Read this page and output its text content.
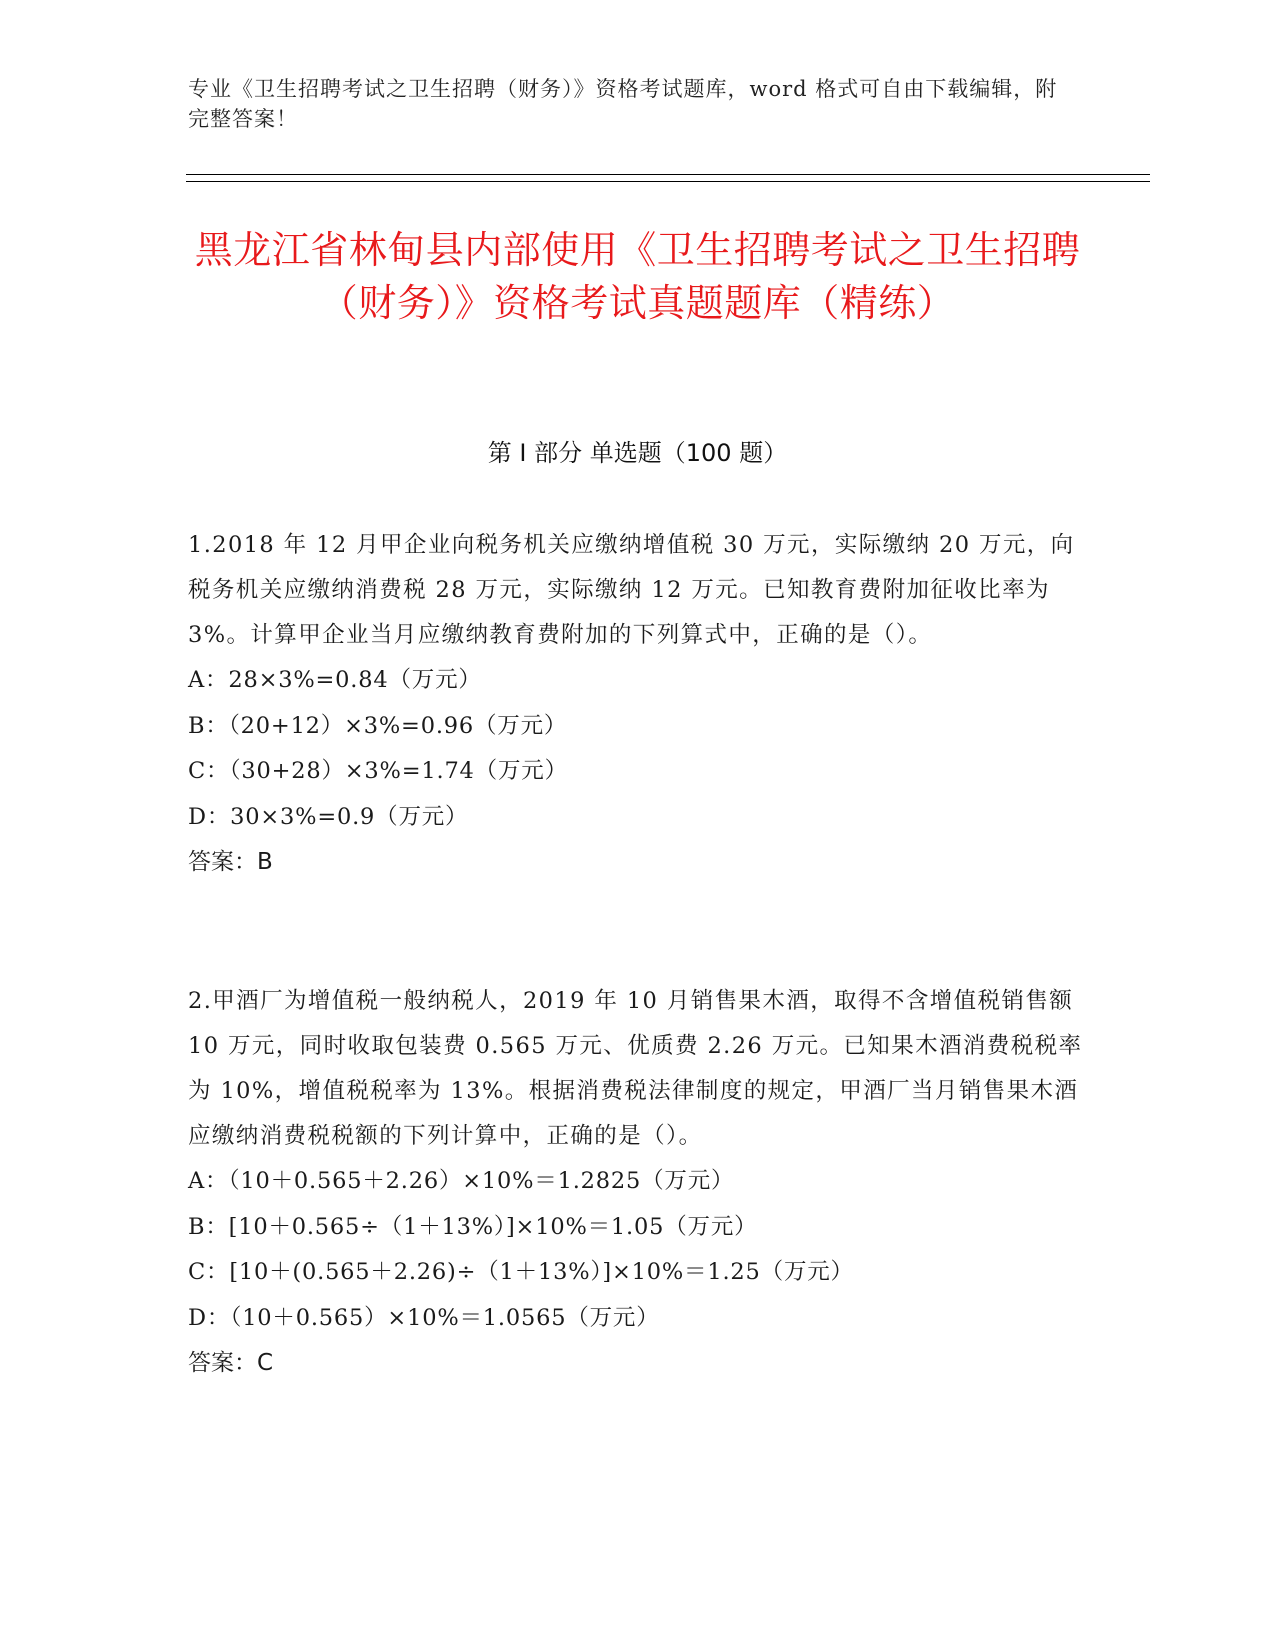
专业《卫生招聘考试之卫生招聘（财务）》资格考试题库，word 格式可自由下载编辑，附完整答案！
黑龙江省林甸县内部使用《卫生招聘考试之卫生招聘（财务）》资格考试真题题库（精练）
第 I 部分 单选题（100 题）

1.2018 年 12 月甲企业向税务机关应缴纳增值税 30 万元，实际缴纳 20 万元，向税务机关应缴纳消费税 28 万元，实际缴纳 12 万元。已知教育费附加征收比率为 3%。计算甲企业当月应缴纳教育费附加的下列算式中，正确的是（）。

A：28×3%=0.84（万元）

B：（20+12）×3%=0.96（万元）

C：（30+28）×3%=1.74（万元）

D：30×3%=0.9（万元）

答案：B

2.甲酒厂为增值税一般纳税人，2019 年 10 月销售果木酒，取得不含增值税销售额 10 万元，同时收取包装费 0.565 万元、优质费 2.26 万元。已知果木酒消费税税率为 10%，增值税税率为 13%。根据消费税法律制度的规定，甲酒厂当月销售果木酒应缴纳消费税税额的下列计算中，正确的是（）。

A：（10＋0.565＋2.26）×10%＝1.2825（万元）

B：[10＋0.565÷（1＋13%）]×10%＝1.05（万元）

C：[10＋(0.565＋2.26)÷（1＋13%）]×10%＝1.25（万元）

D：（10＋0.565）×10%＝1.0565（万元）

答案：C
